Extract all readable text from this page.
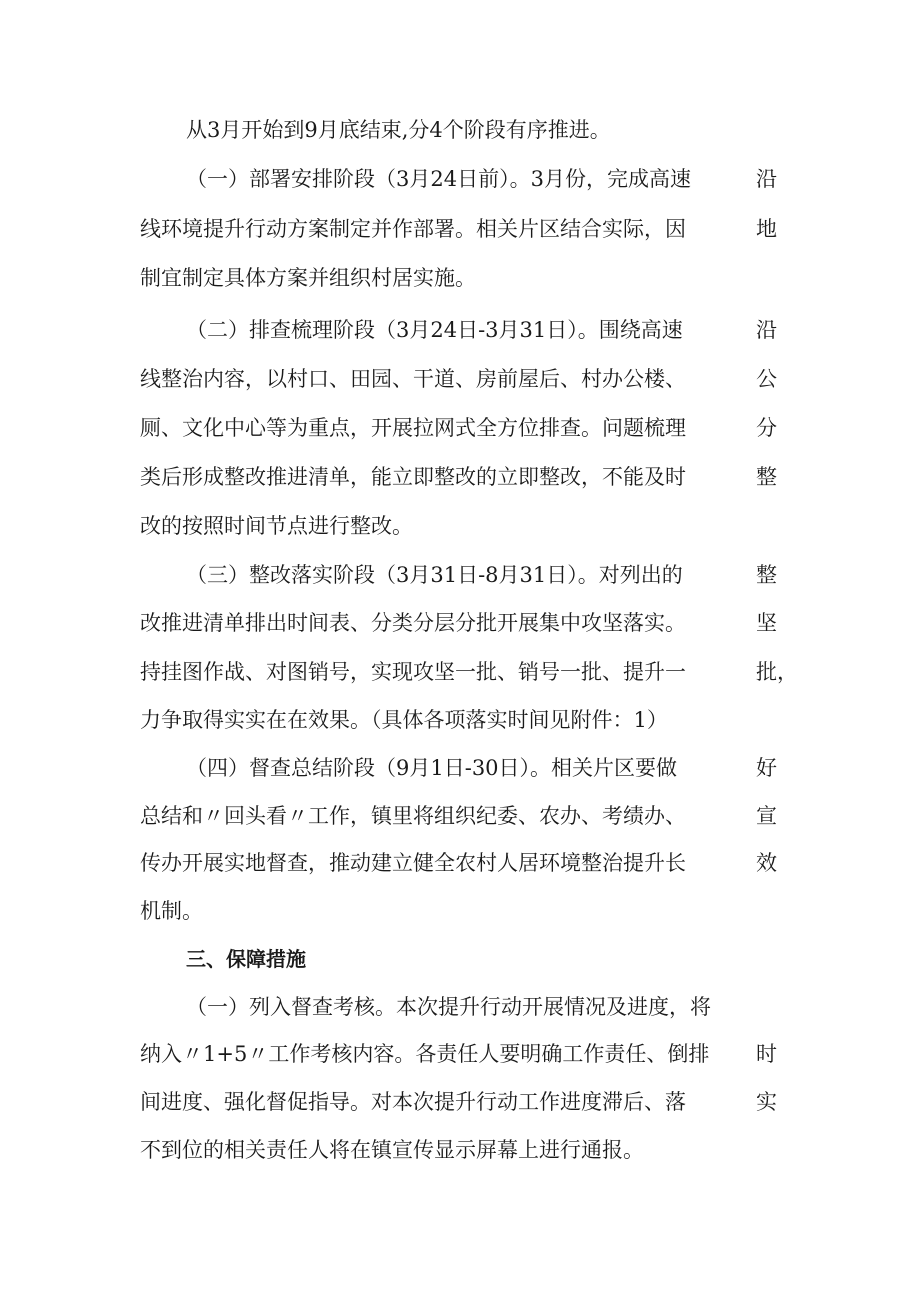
从3月开始到9月底结束,分4个阶段有序推进。
（一）部署安排阶段（3月24日前）。3月份，完成高速	沿
线环境提升行动方案制定并作部署。相关片区结合实际，因	地
制宜制定具体方案并组织村居实施。
（二）排查梳理阶段（3月24日-3月31日）。围绕高速	沿
线整治内容，以村口、田园、干道、房前屋后、村办公楼、	公
厕、文化中心等为重点，开展拉网式全方位排查。问题梳理	分
类后形成整改推进清单，能立即整改的立即整改，不能及时	整
改的按照时间节点进行整改。
（三）整改落实阶段（3月31日-8月31日）。对列出的	整
改推进清单排出时间表、分类分层分批开展集中攻坚落实。	坚
持挂图作战、对图销号，实现攻坚一批、销号一批、提升一	批，
力争取得实实在在效果。（具体各项落实时间见附件：1）
（四）督查总结阶段（9月1日-30日）。相关片区要做	好
总结和〃回头看〃工作，镇里将组织纪委、农办、考绩办、	宣
传办开展实地督查，推动建立健全农村人居环境整治提升长	效
机制。
三、保障措施
（一）列入督查考核。本次提升行动开展情况及进度，将
纳入〃1+5〃工作考核内容。各责任人要明确工作责任、倒排 时
间进度、强化督促指导。对本次提升行动工作进度滞后、落	实
不到位的相关责任人将在镇宣传显示屏幕上进行通报。
